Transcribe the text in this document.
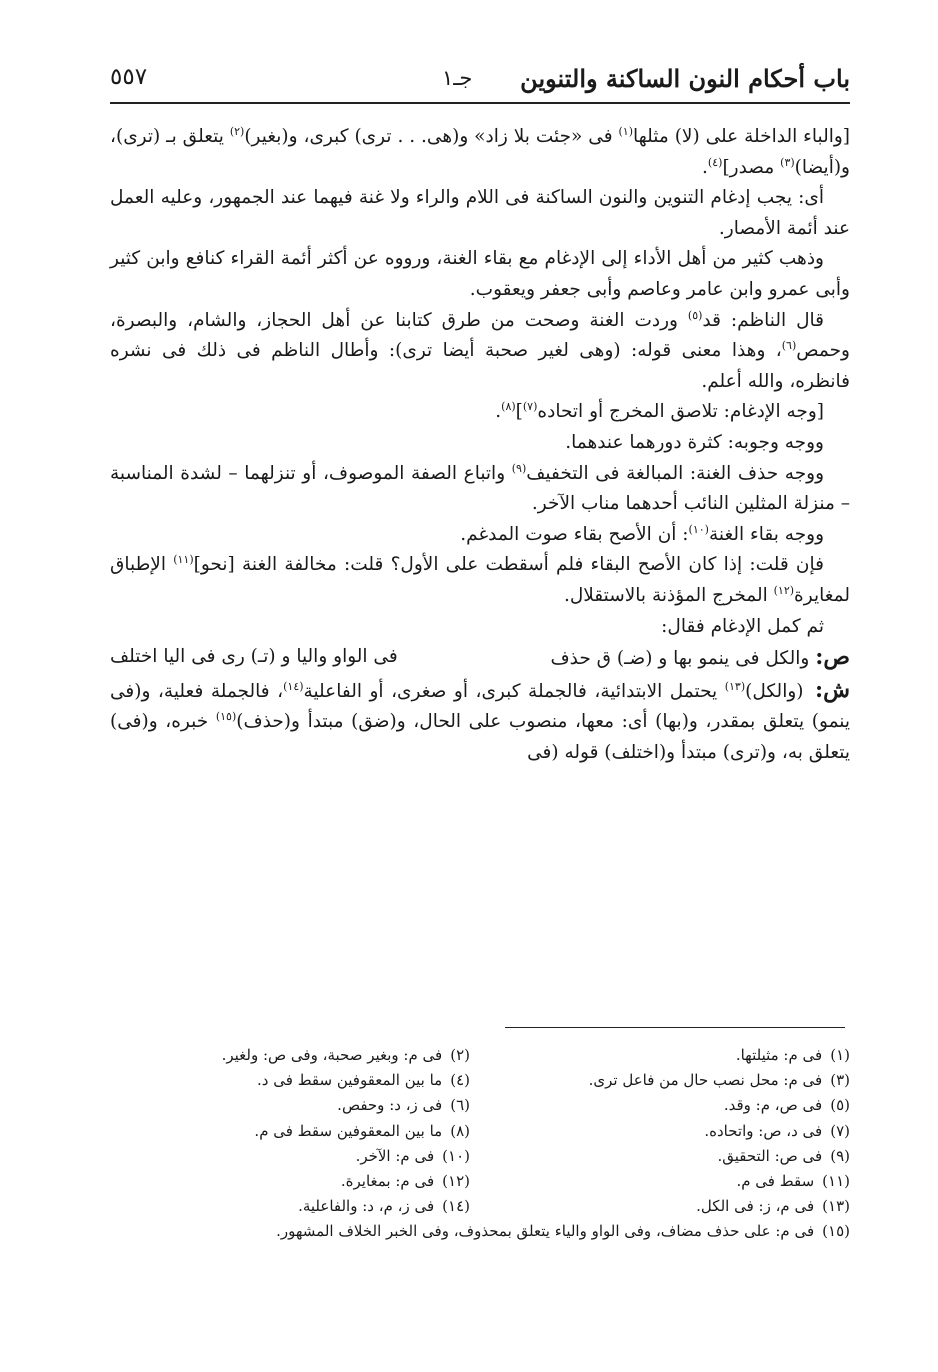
باب أحكام النون الساكنة والتنوين
جـ١
٥٥٧

[والباء الداخلة على (لا) مثلها$^{(١)}$ فى «جئت بلا زاد» و(هى. . . ترى) كبرى، و(بغير)$^{(٢)}$ يتعلق بـ (ترى)، و(أيضا)$^{(٣)}$ مصدر]$^{(٤)}$.

أى: يجب إدغام التنوين والنون الساكنة فى اللام والراء ولا غنة فيهما عند الجمهور، وعليه العمل عند أئمة الأمصار.

وذهب كثير من أهل الأداء إلى الإدغام مع بقاء الغنة، ورووه عن أكثر أئمة القراء كنافع وابن كثير وأبى عمرو وابن عامر وعاصم وأبى جعفر ويعقوب.

قال الناظم: قد$^{(٥)}$ وردت الغنة وصحت من طرق كتابنا عن أهل الحجاز، والشام، والبصرة، وحمص$^{(٦)}$، وهذا معنى قوله: (وهى لغير صحبة أيضا ترى): وأطال الناظم فى ذلك فى نشره فانظره، والله أعلم.

[وجه الإدغام: تلاصق المخرج أو اتحاده$^{(٧)}$]$^{(٨)}$.

ووجه وجوبه: كثرة دورهما عندهما.

ووجه حذف الغنة: المبالغة فى التخفيف$^{(٩)}$ واتباع الصفة الموصوف، أو تنزلهما – لشدة المناسبة – منزلة المثلين النائب أحدهما مناب الآخر.

ووجه بقاء الغنة$^{(١٠)}$: أن الأصح بقاء صوت المدغم.

فإن قلت: إذا كان الأصح البقاء فلم أسقطت على الأول؟ قلت: مخالفة الغنة [نحو]$^{(١١)}$ الإطباق لمغايرة$^{(١٢)}$ المخرج المؤذنة بالاستقلال.

ثم كمل الإدغام فقال:

ص:والكل فى ينمو بها و (ضـ) ق حذف
فى الواو واليا و (تـ) رى فى اليا اختلف

ش: (والكل)$^{(١٣)}$ يحتمل الابتدائية، فالجملة كبرى، أو صغرى، أو الفاعلية$^{(١٤)}$، فالجملة فعلية، و(فى ينمو) يتعلق بمقدر، و(بها) أى: معها، منصوب على الحال، و(ضق) مبتدأ و(حذف)$^{(١٥)}$ خبره، و(فى) يتعلق به، و(ترى) مبتدأ و(اختلف) قوله (فى

(١)فى م: مثيلتها.
(٢)فى م: وبغير صحبة، وفى ص: ولغير.
(٣)فى م: محل نصب حال من فاعل ترى.
(٤)ما بين المعقوفين سقط فى د.
(٥)فى ص، م: وقد.
(٦)فى ز، د: وحفص.
(٧)فى د، ص: واتحاده.
(٨)ما بين المعقوفين سقط فى م.
(٩)فى ص: التحقيق.
(١٠)فى م: الآخر.
(١١)سقط فى م.
(١٢)فى م: بمغايرة.
(١٣)فى م، ز: فى الكل.
(١٤)فى ز، م، د: والفاعلية.
(١٥)فى م: على حذف مضاف، وفى الواو والياء يتعلق بمحذوف، وفى الخبر الخلاف المشهور.
